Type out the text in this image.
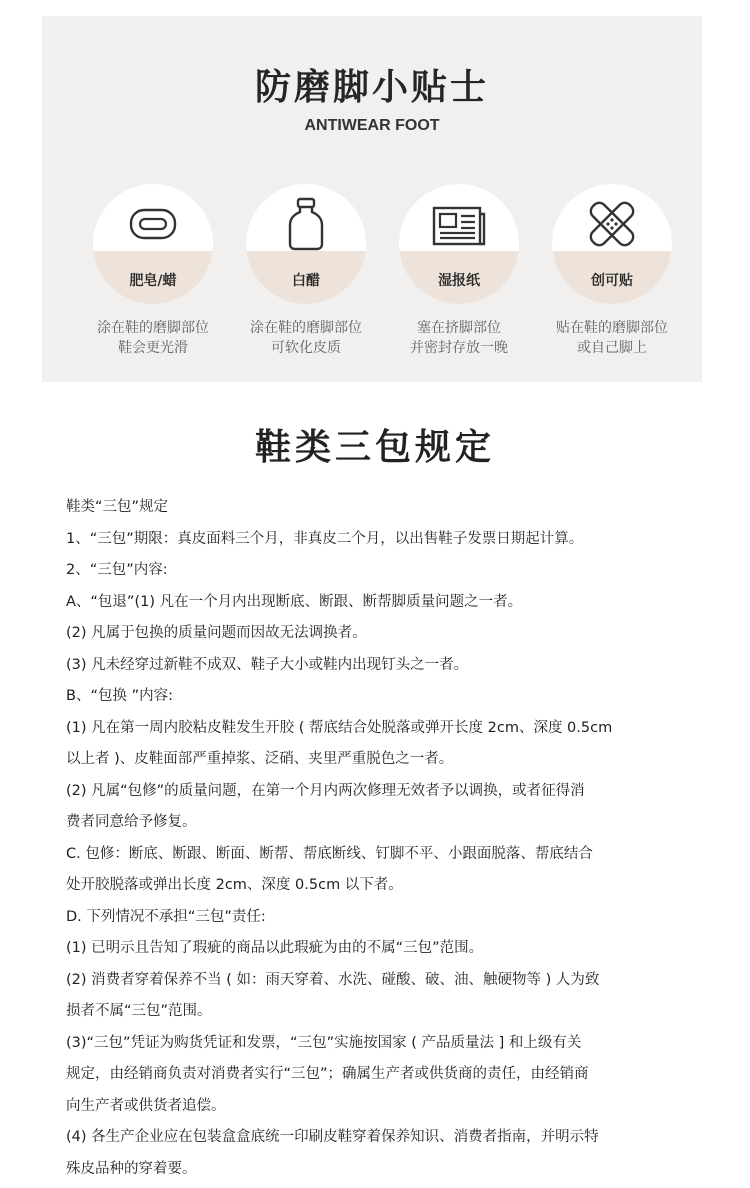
防磨脚小贴士
ANTIWEAR FOOT
肥皂/蜡
涂在鞋的磨脚部位
鞋会更光滑
白醋
涂在鞋的磨脚部位
可软化皮质
湿报纸
塞在挤脚部位
并密封存放一晚
创可贴
贴在鞋的磨脚部位
或自己脚上
鞋类三包规定
鞋类“三包”规定
1、“三包”期限：真皮面料三个月，非真皮二个月，以出售鞋子发票日期起计算。
2、“三包”内容:
A、“包退”(1) 凡在一个月内出现断底、断跟、断帮脚质量问题之一者。
(2) 凡属于包换的质量问题而因故无法调换者。
(3) 凡未经穿过新鞋不成双、鞋子大小或鞋内出现钉头之一者。
B、“包换 ”内容:
(1) 凡在第一周内胶粘皮鞋发生开胶 ( 帮底结合处脱落或弹开长度 2cm、深度 0.5cm
以上者 )、皮鞋面部严重掉浆、泛硝、夹里严重脱色之一者。
(2) 凡属“包修”的质量问题，在第一个月内两次修理无效者予以调换，或者征得消
费者同意给予修复。
C. 包修：断底、断跟、断面、断帮、帮底断线、钉脚不平、小跟面脱落、帮底结合
处开胶脱落或弹出长度 2cm、深度 0.5cm 以下者。
D. 下列情况不承担“三包”责任:
(1) 已明示且告知了瑕疵的商品以此瑕疵为由的不属“三包”范围。
(2) 消费者穿着保养不当 ( 如：雨天穿着、水洗、碰酸、破、油、触硬物等 ) 人为致
损者不属“三包”范围。
(3)“三包”凭证为购货凭证和发票，“三包”实施按国家 ( 产品质量法 ] 和上级有关
规定，由经销商负责对消费者实行“三包”；确属生产者或供货商的责任，由经销商
向生产者或供货者追偿。
(4) 各生产企业应在包装盒盒底统一印刷皮鞋穿着保养知识、消费者指南，并明示特
殊皮品种的穿着要。
